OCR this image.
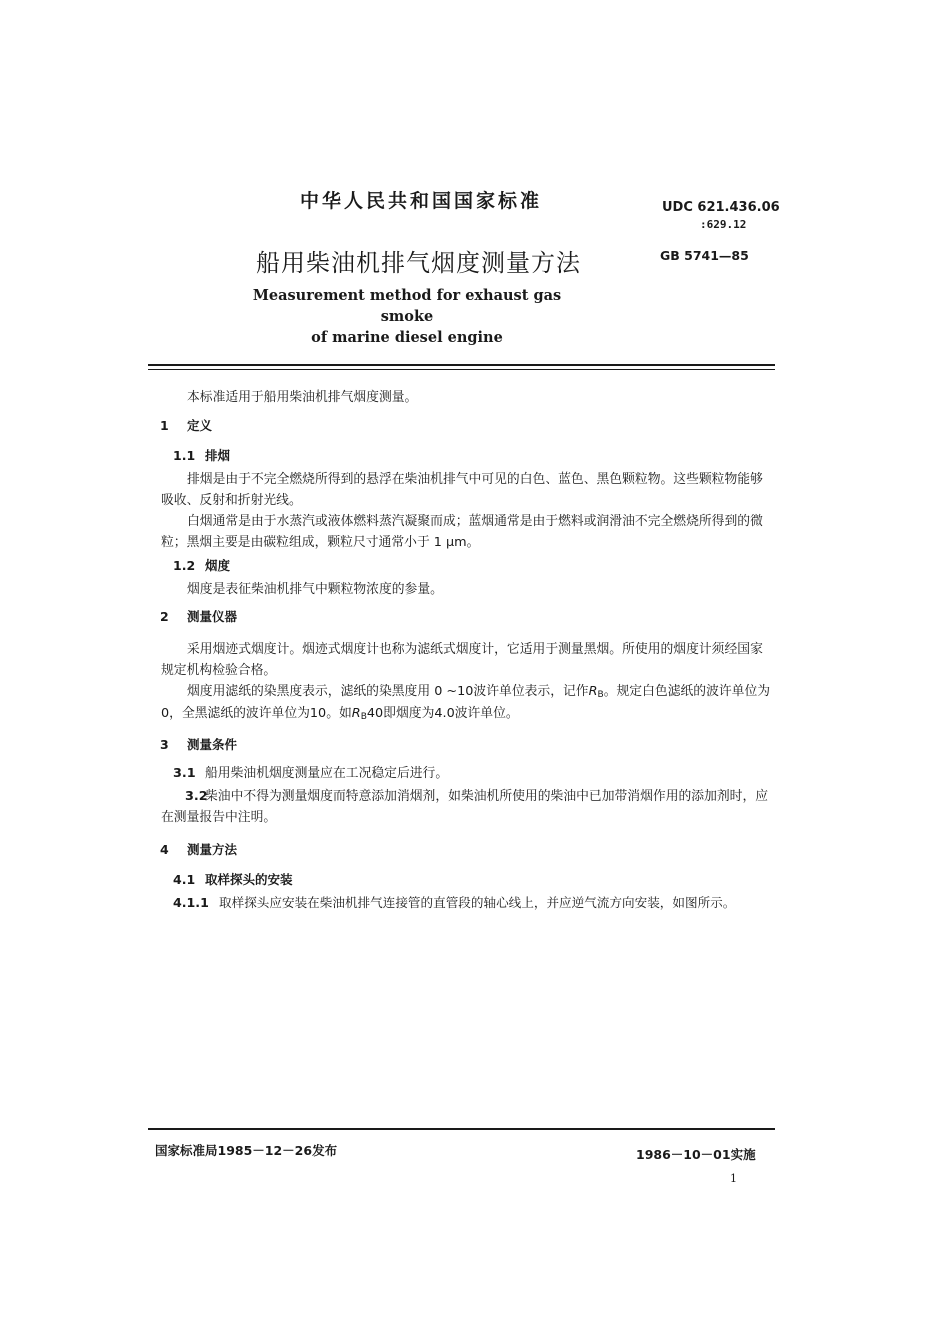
中华人民共和国国家标准	UDC 621.436.06
:629.12
船用柴油机排气烟度测量方法	GB 5741—85
Measurement method for exhaust gas smoke
of marine diesel engine
本标准适用于船用柴油机排气烟度测量。
1 定义
1.1 排烟
排烟是由于不完全燃烧所得到的悬浮在柴油机排气中可见的白色、蓝色、黑色颗粒物。这些颗粒物能够吸收、反射和折射光线。
白烟通常是由于水蒸汽或液体燃料蒸汽凝聚而成；蓝烟通常是由于燃料或润滑油不完全燃烧所得到的微粒；黑烟主要是由碳粒组成，颗粒尺寸通常小于 1 μm。
1.2 烟度
烟度是表征柴油机排气中颗粒物浓度的参量。
2 测量仪器
采用烟迹式烟度计。烟迹式烟度计也称为滤纸式烟度计，它适用于测量黑烟。所使用的烟度计须经国家规定机构检验合格。
烟度用滤纸的染黑度表示，滤纸的染黑度用 0 ~10波许单位表示，记作$R_B$。规定白色滤纸的波许单位为 0，全黑滤纸的波许单位为10。如$R_B40$即烟度为4.0波许单位。
3 测量条件
3.1 船用柴油机烟度测量应在工况稳定后进行。
3.2柴油中不得为测量烟度而特意添加消烟剂，如柴油机所使用的柴油中已加带消烟作用的添加剂时，应在测量报告中注明。
4 测量方法
4.1 取样探头的安装
4.1.1 取样探头应安装在柴油机排气连接管的直管段的轴心线上，并应逆气流方向安装，如图所示。
国家标准局1985－12－26发布	1986－10－01实施
1
